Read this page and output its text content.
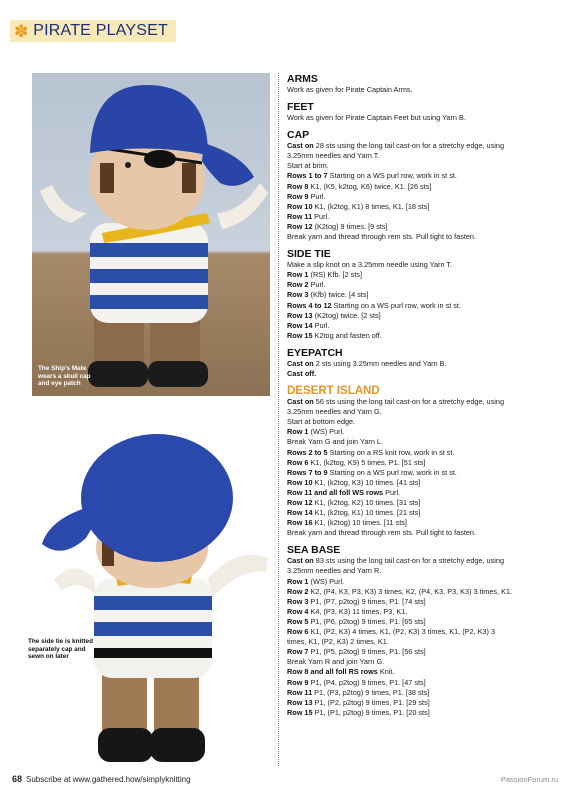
✽ PIRATE PLAYSET
The Ship's Mate wears a skull cap and eye patch
The side tie is knitted separately cap and sewn on later
ARMS
Work as given for Pirate Captain Arms.
FEET
Work as given for Pirate Captain Feet but using Yarn B.
CAP
Cast on 28 sts using the long tail cast-on for a stretchy edge, using
3.25mm needles and Yarn T.
Start at brim.
Rows 1 to 7 Starting on a WS purl row, work in st st.
Row 8 K1, (K5, k2tog, K6) twice, K1. [26 sts]
Row 9 Purl.
Row 10 K1, (k2tog, K1) 8 times, K1. [18 sts]
Row 11 Purl.
Row 12 (K2tog) 9 times. [9 sts]
Break yarn and thread through rem sts. Pull tight to fasten.
SIDE TIE
Make a slip knot on a 3.25mm needle using Yarn T.
Row 1 (RS) Kfb. [2 sts]
Row 2 Purl.
Row 3 (Kfb) twice. [4 sts]
Rows 4 to 12 Starting on a WS purl row, work in st st.
Row 13 (K2tog) twice. [2 sts]
Row 14 Purl.
Row 15 K2tog and fasten off.
EYEPATCH
Cast on 2 sts using 3.25mm needles and Yarn B.
Cast off.
DESERT ISLAND
Cast on 56 sts using the long tail cast-on for a stretchy edge, using
3.25mm needles and Yarn G.
Start at bottom edge.
Row 1 (WS) Purl.
Break Yarn G and join Yarn L.
Rows 2 to 5 Starting on a RS knit row, work in st st.
Row 6 K1, (k2tog, K9) 5 times, P1. [51 sts]
Rows 7 to 9 Starting on a WS purl row, work in st st.
Row 10 K1, (k2tog, K3) 10 times. [41 sts]
Row 11 and all foll WS rows Purl.
Row 12 K1, (k2tog, K2) 10 times. [31 sts]
Row 14 K1, (k2tog, K1) 10 times. [21 sts]
Row 16 K1, (k2tog) 10 times. [11 sts]
Break yarn and thread through rem sts. Pull tight to fasten.
SEA BASE
Cast on 83 sts using the long tail cast-on for a stretchy edge, using
3.25mm needles and Yarn R.
Row 1 (WS) Purl.
Row 2 K2, (P4, K3, P3, K3) 3 times, K2, (P4, K3, P3, K3) 3 times, K1.
Row 3 P1, (P7, p2tog) 9 times, P1. [74 sts]
Row 4 K4, (P3, K3) 11 times, P3, K1.
Row 5 P1, (P6, p2tog) 9 times, P1. [65 sts]
Row 6 K1, (P2, K3) 4 times, K1, (P2, K3) 3 times, K1, (P2, K3) 3
times, K1, (P2, K3) 2 times, K1.
Row 7 P1, (P5, p2tog) 9 times, P1. [56 sts]
Break Yarn R and join Yarn G.
Row 8 and all foll RS rows Knit.
Row 9 P1, (P4, p2tog) 9 times, P1. [47 sts]
Row 11 P1, (P3, p2tog) 9 times, P1. [38 sts]
Row 13 P1, (P2, p2tog) 9 times, P1. [29 sts]
Row 15 P1, (P1, p2tog) 9 times, P1. [20 sts]
68 Subscribe at www.gathered.how/simplyknitting	PassionForum.ru
